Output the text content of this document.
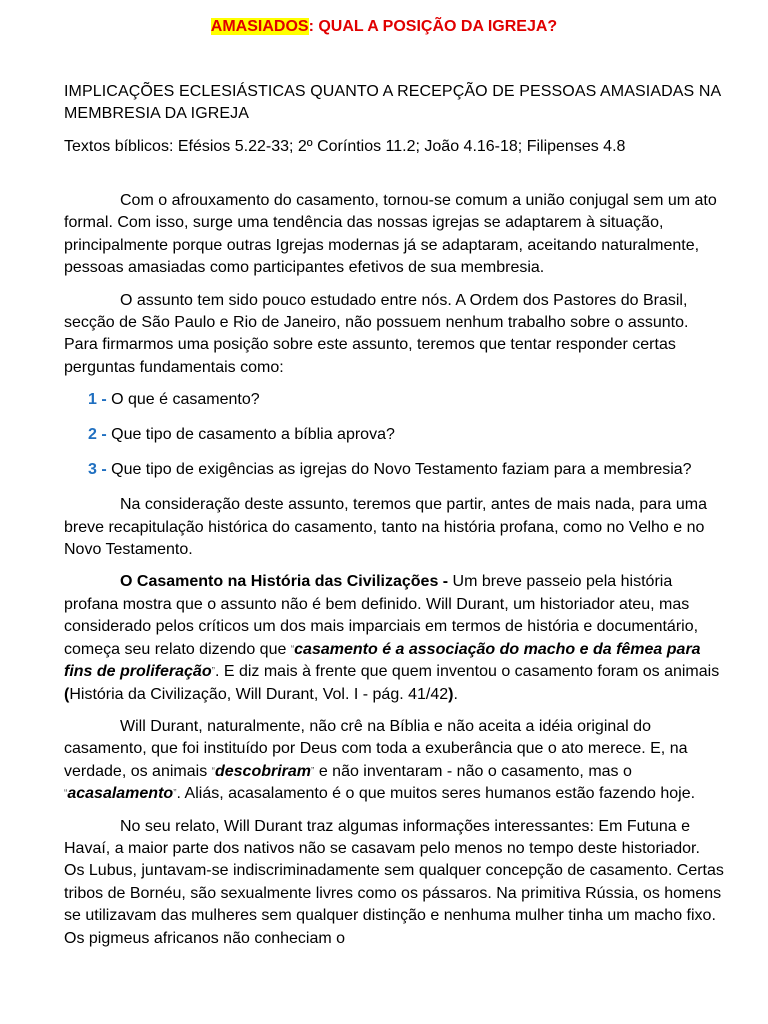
AMASIADOS: QUAL A POSIÇÃO DA IGREJA?
IMPLICAÇÕES ECLESIÁSTICAS QUANTO A RECEPÇÃO DE PESSOAS AMASIADAS NA MEMBRESIA DA IGREJA
Textos bíblicos: Efésios 5.22-33; 2º Coríntios 11.2; João 4.16-18; Filipenses 4.8

Com o afrouxamento do casamento, tornou-se comum a união conjugal sem um ato formal. Com isso, surge uma tendência das nossas igrejas se adaptarem à situação, principalmente porque outras Igrejas modernas já se adaptaram, aceitando naturalmente, pessoas amasiadas como participantes efetivos de sua membresia.

O assunto tem sido pouco estudado entre nós. A Ordem dos Pastores do Brasil, secção de São Paulo e Rio de Janeiro, não possuem nenhum trabalho sobre o assunto. Para firmarmos uma posição sobre este assunto, teremos que tentar responder certas perguntas fundamentais como:

1 - O que é casamento?
2 - Que tipo de casamento a bíblia aprova?
3 - Que tipo de exigências as igrejas do Novo Testamento faziam para a membresia?

Na consideração deste assunto, teremos que partir, antes de mais nada, para uma breve recapitulação histórica do casamento, tanto na história profana, como no Velho e no Novo Testamento.

O Casamento na História das Civilizações - Um breve passeio pela história profana mostra que o assunto não é bem definido. Will Durant, um historiador ateu, mas considerado pelos críticos um dos mais imparciais em termos de história e documentário, começa seu relato dizendo que “casamento é a associação do macho e da fêmea para fins de proliferação”. E diz mais à frente que quem inventou o casamento foram os animais (História da Civilização, Will Durant, Vol. I - pág. 41/42).

Will Durant, naturalmente, não crê na Bíblia e não aceita a idéia original do casamento, que foi instituído por Deus com toda a exuberância que o ato merece. E, na verdade, os animais “descobriram” e não inventaram - não o casamento, mas o “acasalamento”. Aliás, acasalamento é o que muitos seres humanos estão fazendo hoje.

No seu relato, Will Durant traz algumas informações interessantes: Em Futuna e Havaí, a maior parte dos nativos não se casavam pelo menos no tempo deste historiador. Os Lubus, juntavam-se indiscriminadamente sem qualquer concepção de casamento. Certas tribos de Bornéu, são sexualmente livres como os pássaros. Na primitiva Rússia, os homens se utilizavam das mulheres sem qualquer distinção e nenhuma mulher tinha um macho fixo. Os pigmeus africanos não conheciam o
